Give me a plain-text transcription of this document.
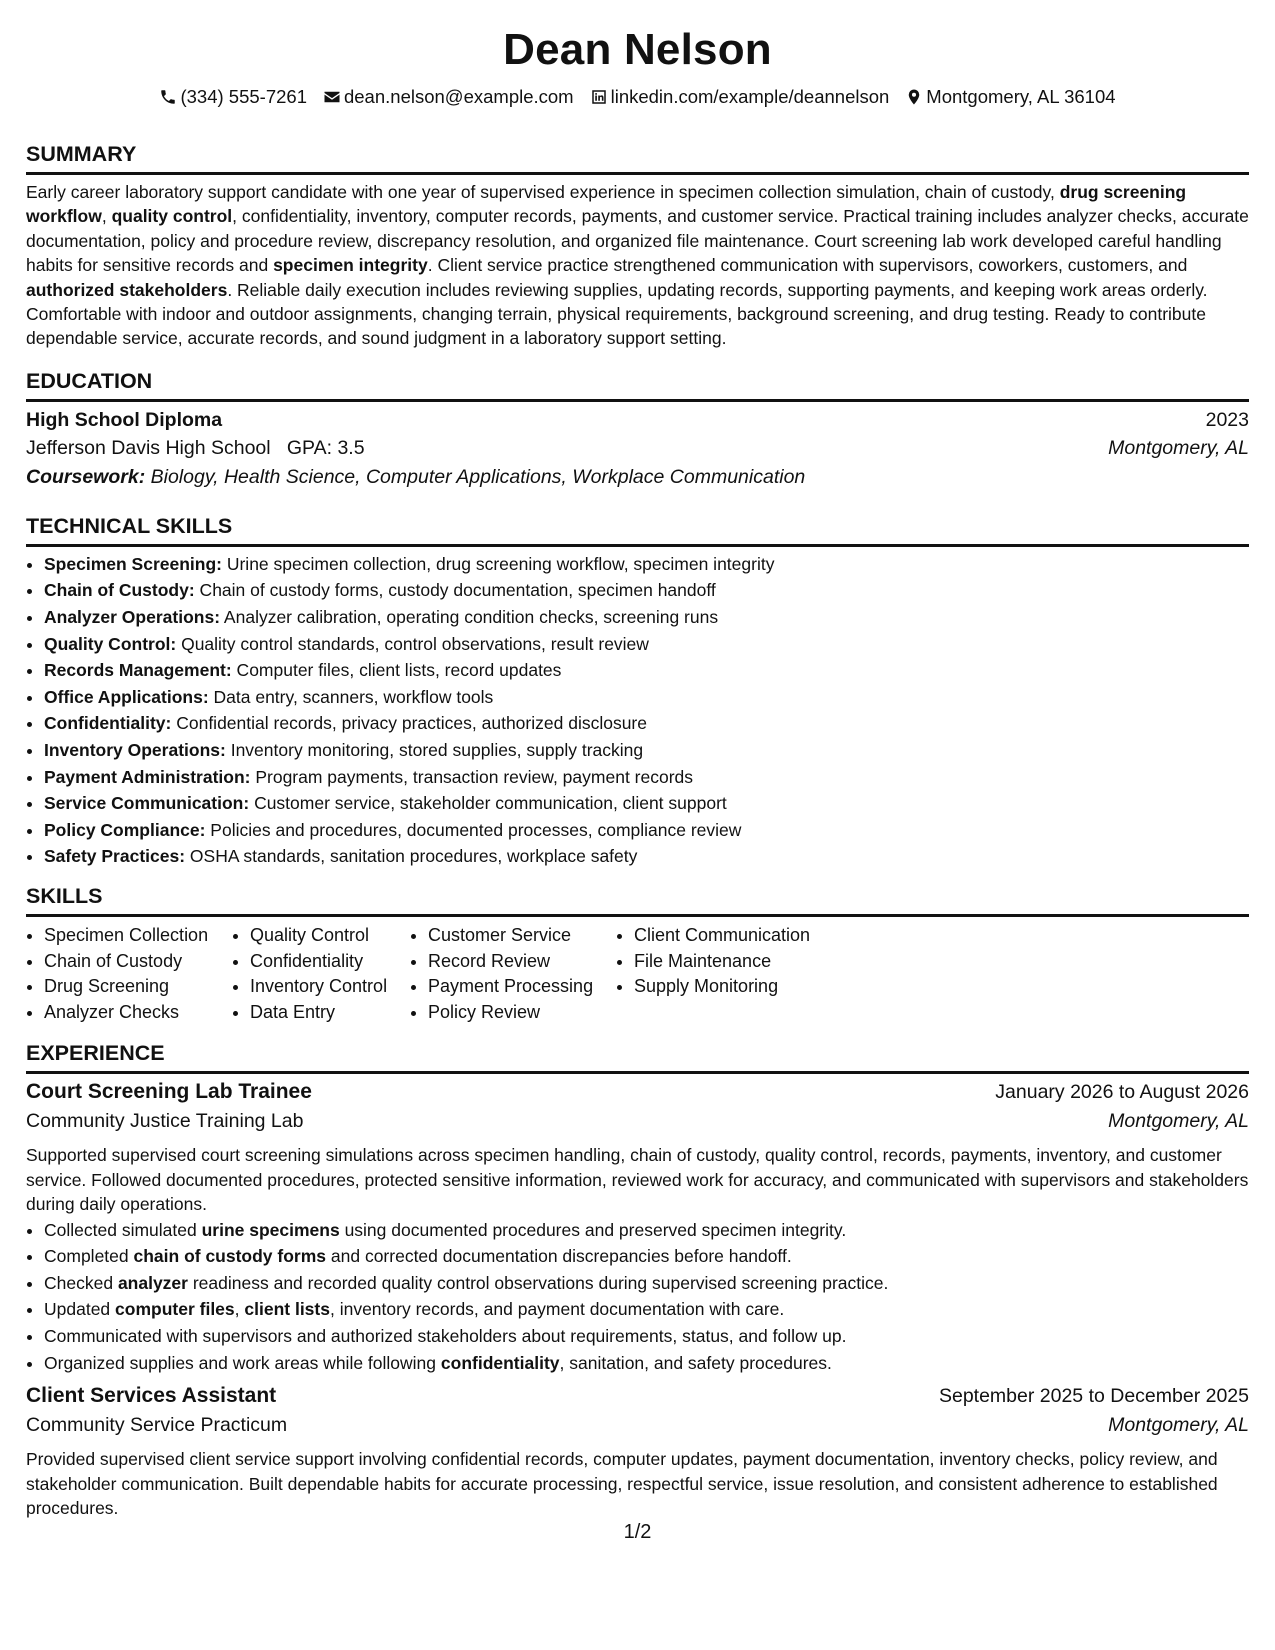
Dean Nelson
(334) 555-7261 dean.nelson@example.com linkedin.com/example/deannelson Montgomery, AL 36104
SUMMARY

Early career laboratory support candidate with one year of supervised experience in specimen collection simulation, chain of custody, drug screening workflow, quality control, confidentiality, inventory, computer records, payments, and customer service. Practical training includes analyzer checks, accurate documentation, policy and procedure review, discrepancy resolution, and organized file maintenance. Court screening lab work developed careful handling habits for sensitive records and specimen integrity. Client service practice strengthened communication with supervisors, coworkers, customers, and authorized stakeholders. Reliable daily execution includes reviewing supplies, updating records, supporting payments, and keeping work areas orderly. Comfortable with indoor and outdoor assignments, changing terrain, physical requirements, background screening, and drug testing. Ready to contribute dependable service, accurate records, and sound judgment in a laboratory support setting.

EDUCATION
High School Diploma	2023
Jefferson Davis High School GPA: 3.5	Montgomery, AL
Coursework: Biology, Health Science, Computer Applications, Workplace Communication
TECHNICAL SKILLS
• Specimen Screening: Urine specimen collection, drug screening workflow, specimen integrity
• Chain of Custody: Chain of custody forms, custody documentation, specimen handoff
• Analyzer Operations: Analyzer calibration, operating condition checks, screening runs
• Quality Control: Quality control standards, control observations, result review
• Records Management: Computer files, client lists, record updates
• Office Applications: Data entry, scanners, workflow tools
• Confidentiality: Confidential records, privacy practices, authorized disclosure
• Inventory Operations: Inventory monitoring, stored supplies, supply tracking
• Payment Administration: Program payments, transaction review, payment records
• Service Communication: Customer service, stakeholder communication, client support
• Policy Compliance: Policies and procedures, documented processes, compliance review
• Safety Practices: OSHA standards, sanitation procedures, workplace safety
SKILLS
• Specimen Collection
• Chain of Custody
• Drug Screening
• Analyzer Checks
• Quality Control
• Confidentiality
• Inventory Control
• Data Entry
• Customer Service
• Record Review
• Payment Processing
• Policy Review
• Client Communication
• File Maintenance
• Supply Monitoring
EXPERIENCE
Court Screening Lab Trainee	January 2026 to August 2026
Community Justice Training Lab	Montgomery, AL

Supported supervised court screening simulations across specimen handling, chain of custody, quality control, records, payments, inventory, and customer service. Followed documented procedures, protected sensitive information, reviewed work for accuracy, and communicated with supervisors and stakeholders during daily operations.

• Collected simulated urine specimens using documented procedures and preserved specimen integrity.
• Completed chain of custody forms and corrected documentation discrepancies before handoff.
• Checked analyzer readiness and recorded quality control observations during supervised screening practice.
• Updated computer files, client lists, inventory records, and payment documentation with care.
• Communicated with supervisors and authorized stakeholders about requirements, status, and follow up.
• Organized supplies and work areas while following confidentiality, sanitation, and safety procedures.
Client Services Assistant	September 2025 to December 2025
Community Service Practicum	Montgomery, AL

Provided supervised client service support involving confidential records, computer updates, payment documentation, inventory checks, policy review, and stakeholder communication. Built dependable habits for accurate processing, respectful service, issue resolution, and consistent adherence to established procedures.

1/2
